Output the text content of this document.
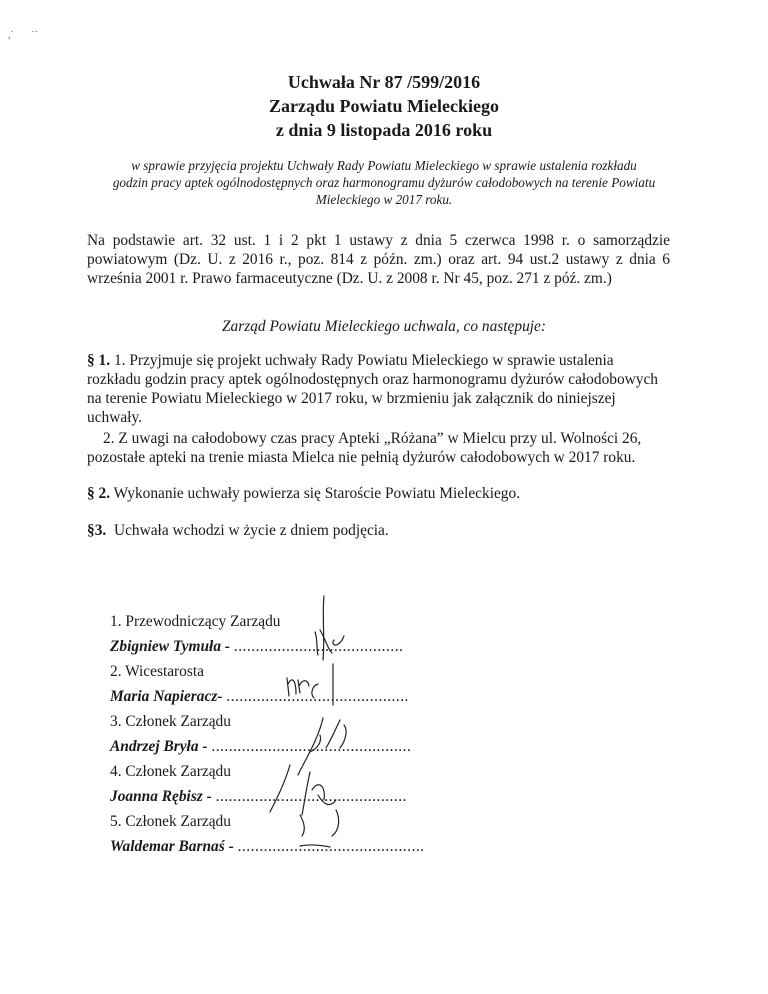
,˙       ˙˙
Uchwała Nr 87 /599/2016
Zarządu Powiatu Mieleckiego
z dnia 9 listopada 2016 roku
w sprawie przyjęcia projektu Uchwały Rady Powiatu Mieleckiego w sprawie ustalenia rozkładu
godzin pracy aptek ogólnodostępnych oraz harmonogramu dyżurów całodobowych na terenie Powiatu
Mieleckiego w 2017 roku.
Na podstawie art. 32 ust. 1 i 2 pkt 1 ustawy z dnia 5 czerwca 1998 r. o samorządzie powiatowym (Dz. U. z 2016 r., poz. 814 z późn. zm.) oraz art. 94 ust.2 ustawy z dnia 6 września 2001 r. Prawo farmaceutyczne (Dz. U. z 2008 r. Nr 45, poz. 271 z póź. zm.)
Zarząd Powiatu Mieleckiego uchwala, co następuje:
§ 1. 1. Przyjmuje się projekt uchwały Rady Powiatu Mieleckiego w sprawie ustalenia
rozkładu godzin pracy aptek ogólnodostępnych oraz harmonogramu dyżurów całodobowych
na terenie Powiatu Mieleckiego w 2017 roku, w brzmieniu jak załącznik do niniejszej
uchwały.
2. Z uwagi na całodobowy czas pracy Apteki „Różana” w Mielcu przy ul. Wolności 26,
pozostałe apteki na trenie miasta Mielca nie pełnią dyżurów całodobowych w 2017 roku.
§ 2. Wykonanie uchwały powierza się Staroście Powiatu Mieleckiego.
§3. Uchwała wchodzi w życie z dniem podjęcia.
1. Przewodniczący Zarządu
Zbigniew Tymuła - .......................................
2. Wicestarosta
Maria Napieracz- ..........................................
3. Członek Zarządu
Andrzej Bryła - ..............................................
4. Członek Zarządu
Joanna Rębisz - ............................................
5. Członek Zarządu
Waldemar Barnaś - ...........................................
